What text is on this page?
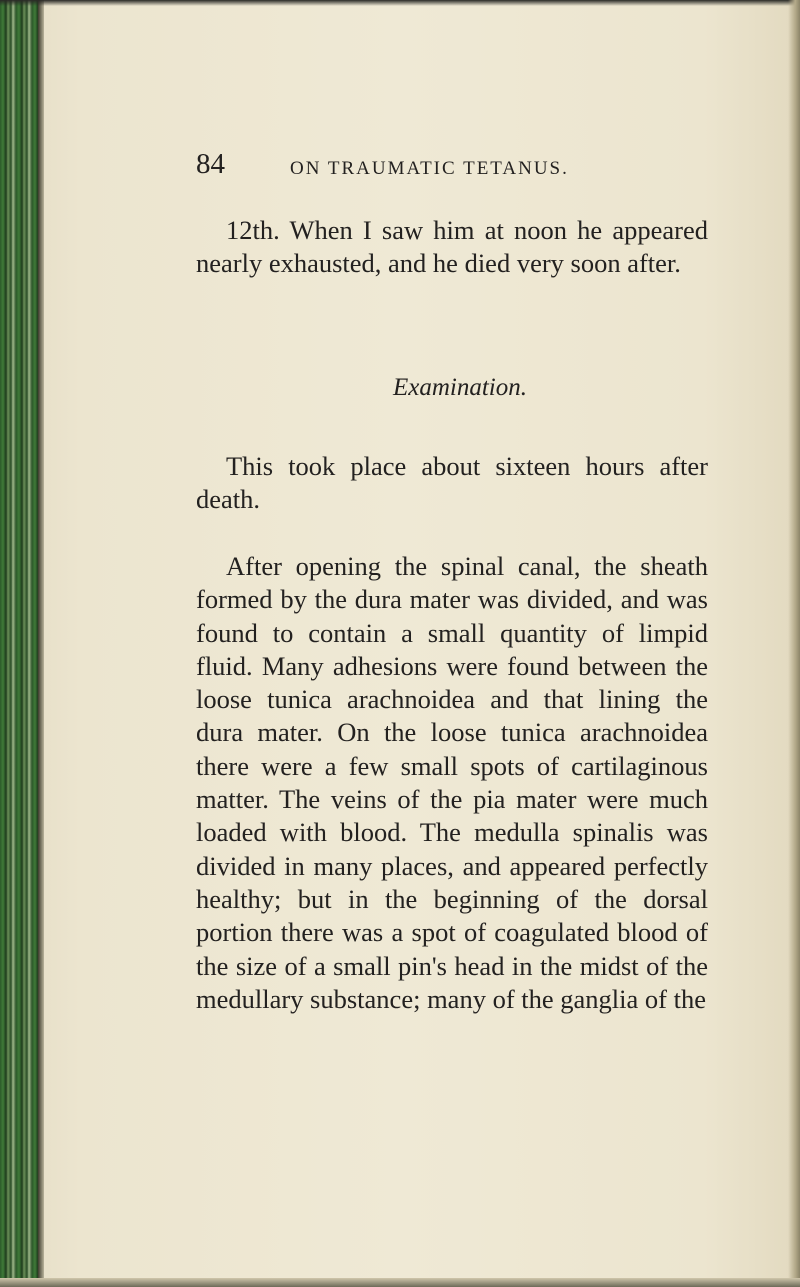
84	ON TRAUMATIC TETANUS.

12th. When I saw him at noon he appeared nearly exhausted, and he died very soon after.

Examination.

This took place about sixteen hours after death.

After opening the spinal canal, the sheath formed by the dura mater was divided, and was found to contain a small quantity of limpid fluid. Many adhesions were found between the loose tunica arachnoidea and that lining the dura mater. On the loose tunica arachnoidea there were a few small spots of cartilaginous matter. The veins of the pia mater were much loaded with blood. The medulla spinalis was divided in many places, and appeared perfectly healthy; but in the beginning of the dorsal portion there was a spot of coagulated blood of the size of a small pin's head in the midst of the medullary substance; many of the ganglia of the
